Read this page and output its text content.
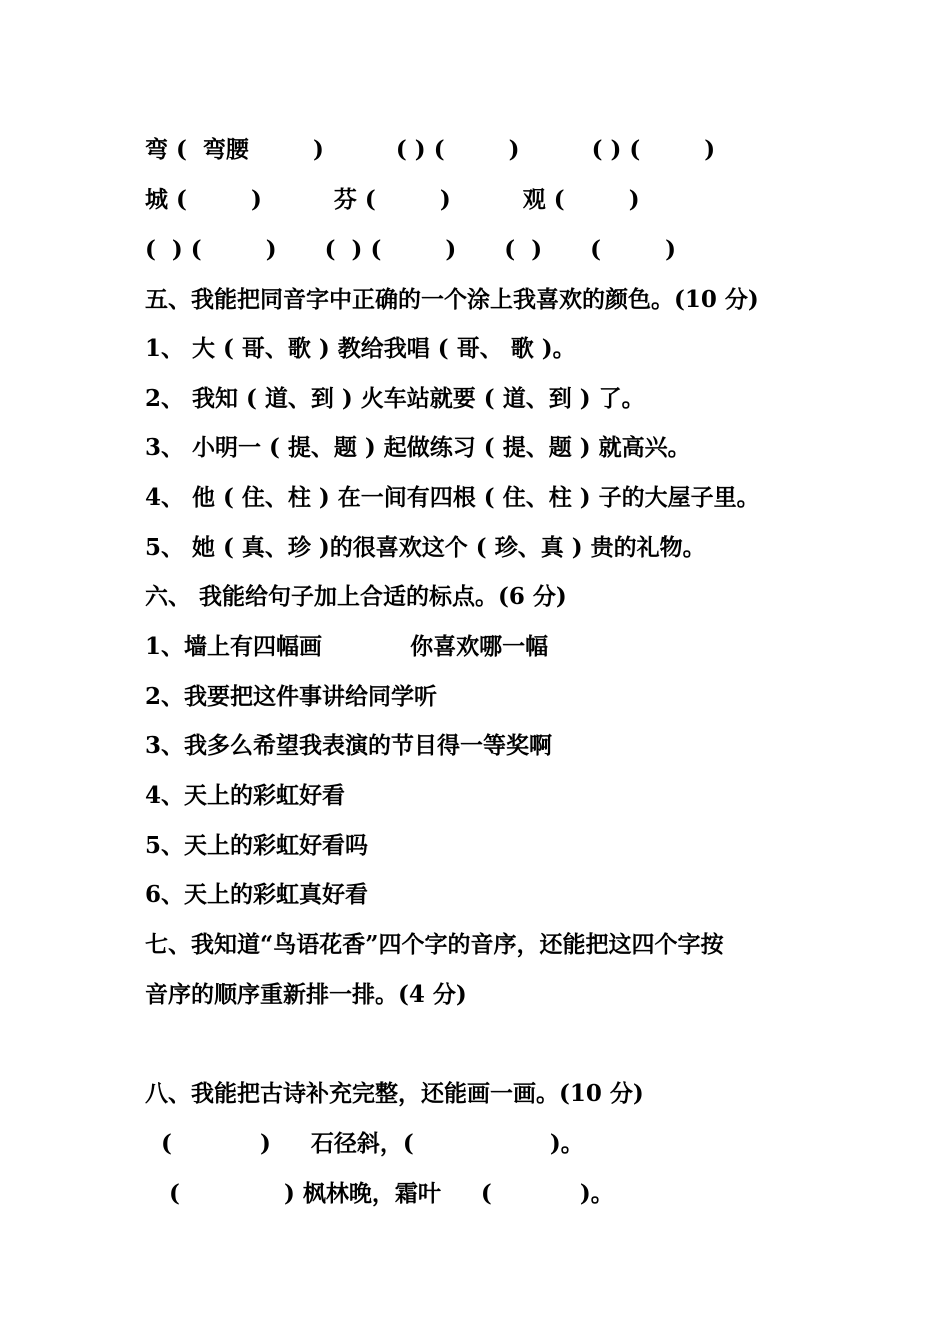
弯 (  弯腰        )         ( ) (        )         ( ) (        )
城 (        )         芬 (        )         观 (        )
(  ) (        )      (  ) (        )      (  )      (        )
五、我能把同音字中正确的一个涂上我喜欢的颜色。(10 分)
1、 大 ( 哥、歌 ) 教给我唱 ( 哥、 歌 )。
2、 我知 ( 道、到 ) 火车站就要 ( 道、到 ) 了。
3、 小明一 ( 提、题 ) 起做练习 ( 提、题 ) 就高兴。
4、 他 ( 住、柱 ) 在一间有四根 ( 住、柱 ) 子的大屋子里。
5、 她 ( 真、珍 )的很喜欢这个 ( 珍、真 ) 贵的礼物。
六、 我能给句子加上合适的标点。(6 分)
1、墙上有四幅画           你喜欢哪一幅
2、我要把这件事讲给同学听
3、我多么希望我表演的节目得一等奖啊
4、天上的彩虹好看
5、天上的彩虹好看吗
6、天上的彩虹真好看
七、我知道“鸟语花香”四个字的音序，还能把这四个字按
音序的顺序重新排一排。(4 分)
八、我能把古诗补充完整，还能画一画。(10 分)
(           )     石径斜，(                 )。
(             ) 枫林晚，霜叶     (           )。
